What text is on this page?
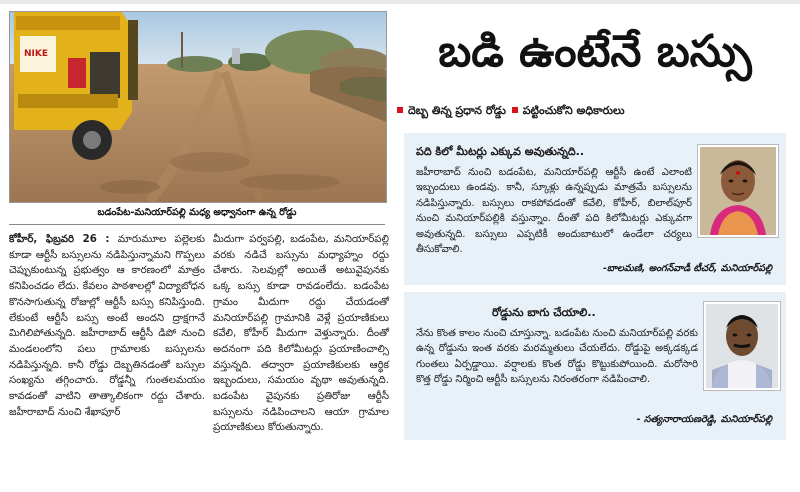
NIKE
బడంపేట-మనియార్‌పల్లి మధ్య అధ్వానంగా ఉన్న రోడ్డు
బడి ఉంటేనే బస్సు
దెబ్బ తిన్న ప్రధాన రోడ్డు పట్టించుకోని అధికారులు
కోహీర్, ఫిబ్రవరి 26 : మారుమూల పల్లెలకు కూడా ఆర్టీసీ బస్సులను నడిపిస్తున్నామని గొప్పలు చెప్పుకుంటున్న ప్రభుత్వం ఆ కారణంలో మాత్రం కనిపించడం లేదు. కేవలం పాఠశాలల్లో విద్యాబోధన కొనసాగుతున్న రోజుల్లో ఆర్టీసీ బస్సు కనిపిస్తుంది. లేకుంటే ఆర్టీసీ బస్సు అంటే అందని ద్రాక్షగానే మిగిలిపోతున్నది. జహీరాబాద్ ఆర్టీసీ డిపో నుంచి మండలంలోని పలు గ్రామాలకు బస్సులను నడిపిస్తున్నది. కానీ రోడ్డు దెబ్బతినడంతో బస్సుల సంఖ్యను తగ్గించారు. రోడ్డన్నీ గుంతలమయం కావడంతో వాటిని తాత్కాలికంగా రద్దు చేశారు. జహీరాబాద్ నుంచి శేఖాపూర్
మీదుగా పర్వపల్లి, బడంపేట, మనియార్‌పల్లి వరకు నడిచే బస్సును మధ్యాహ్నం రద్దు చేశారు. సెలవుల్లో అయితే అటువైపునకు ఒక్క బస్సు కూడా రావడంలేదు. బడంపేట గ్రామం మీదుగా రద్దు చేయడంతో మనియార్‌పల్లి గ్రామానికి వెళ్లే ప్రయాణికులు కవేలి, కోహీర్ మీదుగా వెళ్తున్నారు. దీంతో అదనంగా పది కిలోమీటర్లు ప్రయాణించాల్సి వస్తున్నది. తద్వారా ప్రయాణికులకు ఆర్థిక ఇబ్బందులు, సమయం వృథా అవుతున్నది. బడంపేట వైపునకు ప్రతిరోజు ఆర్టీసీ బస్సులను నడిపించాలని ఆయా గ్రామాల ప్రయాణికులు కోరుతున్నారు.
పది కిలో మీటర్లు ఎక్కువ అవుతున్నది..
జహీరాబాద్ నుంచి బడంపేట, మనియార్‌పల్లి ఆర్టీసీ ఉంటే ఎలాంటి ఇబ్బందులు ఉండవు. కానీ, స్కూళ్లు ఉన్నప్పుడు మాత్రమే బస్సులను నడిపిస్తున్నారు. బస్సులు రాకపోవడంతో కవేలి, కోహీర్, బిలాల్‌పూర్ నుంచి మనియార్‌పల్లికి వస్తున్నాం. దీంతో పది కిలోమీటర్లు ఎక్కువగా అవుతున్నది. బస్సులు ఎప్పటికీ అందుబాటులో ఉండేలా చర్యలు తీసుకోవాలి.
-బాలమణి, అంగన్‌వాడీ టీచర్, మనియార్‌పల్లి
రోడ్డును బాగు చేయాలి..
నేను కొంత కాలం నుంచి చూస్తున్నా. బడంపేట నుంచి మనియార్‌పల్లి వరకు ఉన్న రోడ్డును ఇంత వరకు మరమ్మతులు చేయలేదు. రోడ్డుపై అక్కడక్కడ గుంతలు ఏర్పడ్డాయి. వర్షాలకు కొంత రోడ్డు కొట్టుకుపోయింది. మరోసారి కొత్త రోడ్డు నిర్మించి ఆర్టీసీ బస్సులను నిరంతరంగా నడిపించాలి.
- సత్యనారాయణరెడ్డి, మనియార్‌పల్లి
